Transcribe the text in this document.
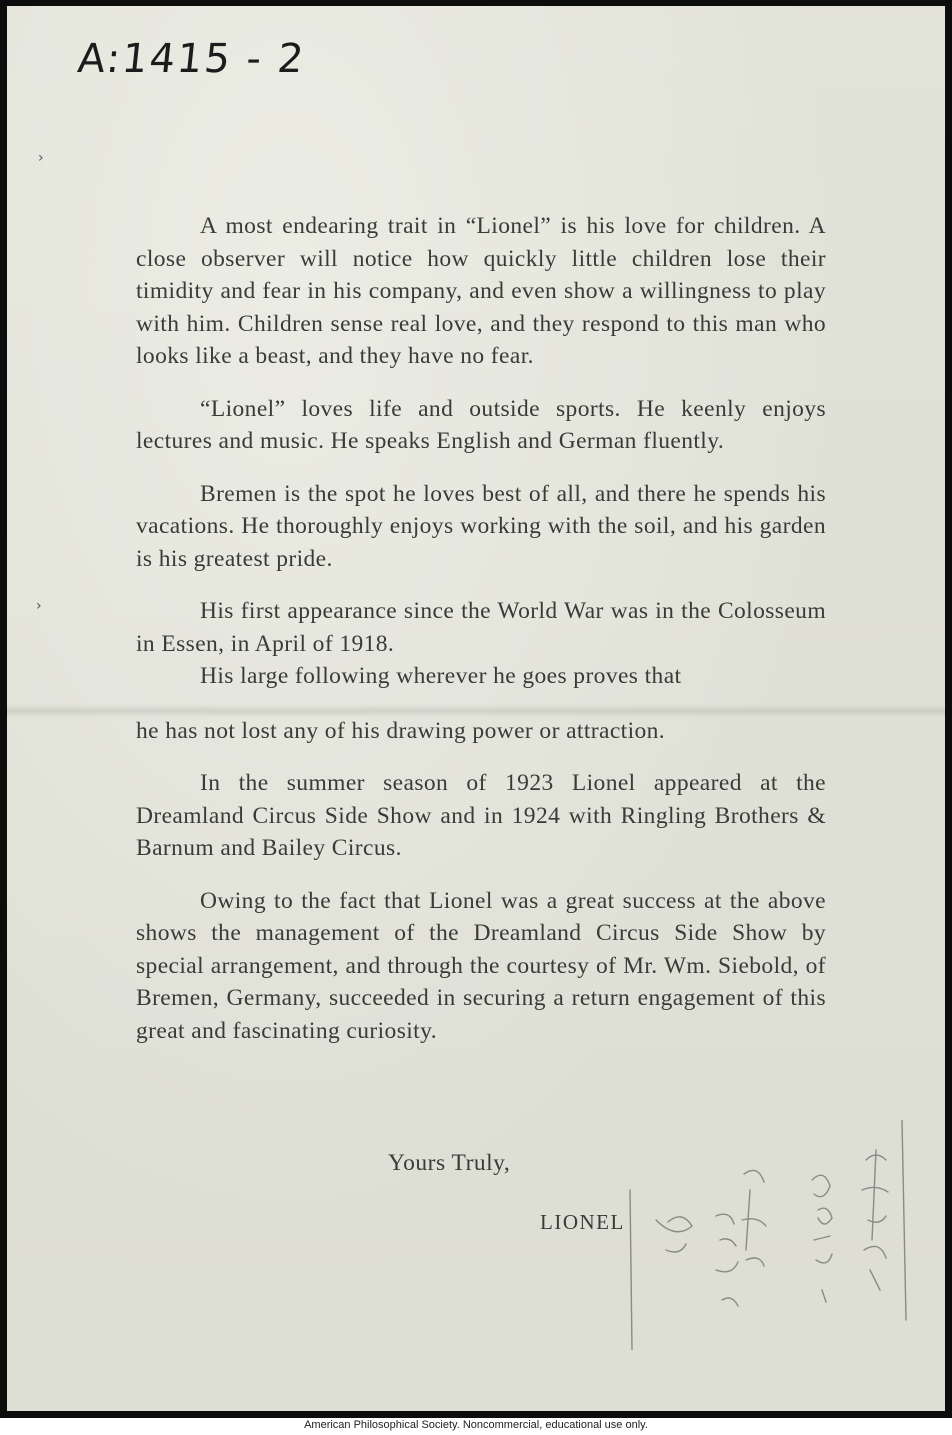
A:1415 - 2
›
›

A most endearing trait in “Lionel” is his love for children. A close observer will notice how quickly little children lose their timidity and fear in his company, and even show a willingness to play with him. Children sense real love, and they respond to this man who looks like a beast, and they have no fear.

“Lionel” loves life and outside sports. He keenly enjoys lectures and music. He speaks English and German fluently.

Bremen is the spot he loves best of all, and there he spends his vacations. He thoroughly enjoys working with the soil, and his garden is his greatest pride.

His first appearance since the World War was in the Colosseum in Essen, in April of 1918.

His large following wherever he goes proves that

he has not lost any of his drawing power or attraction.

In the summer season of 1923 Lionel appeared at the Dreamland Circus Side Show and in 1924 with Ringling Brothers & Barnum and Bailey Circus.

Owing to the fact that Lionel was a great success at the above shows the management of the Dreamland Circus Side Show by special arrangement, and through the courtesy of Mr. Wm. Siebold, of Bremen, Germany, succeeded in securing a return engagement of this great and fascinating curiosity.

Yours Truly,
LIONEL
American Philosophical Society. Noncommercial, educational use only.
